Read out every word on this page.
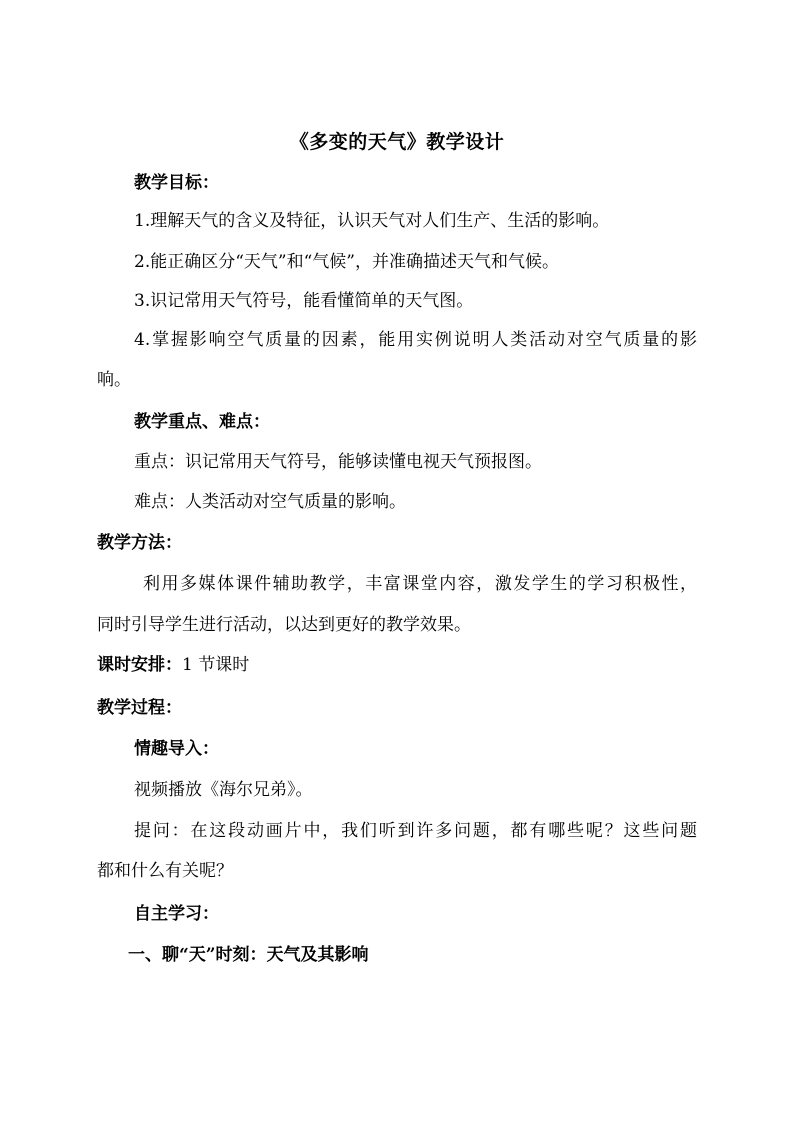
《多变的天气》教学设计
教学目标：
1.理解天气的含义及特征，认识天气对人们生产、生活的影响。
2.能正确区分“天气”和“气候”，并准确描述天气和气候。
3.识记常用天气符号，能看懂简单的天气图。
4.掌握影响空气质量的因素，能用实例说明人类活动对空气质量的影
响。
教学重点、难点：
重点：识记常用天气符号，能够读懂电视天气预报图。
难点：人类活动对空气质量的影响。
教学方法：
利用多媒体课件辅助教学，丰富课堂内容，激发学生的学习积极性，
同时引导学生进行活动，以达到更好的教学效果。
课时安排：1 节课时
教学过程：
情趣导入：
视频播放《海尔兄弟》。
提问：在这段动画片中，我们听到许多问题，都有哪些呢？这些问题
都和什么有关呢？
自主学习：
一、聊“天”时刻：天气及其影响
